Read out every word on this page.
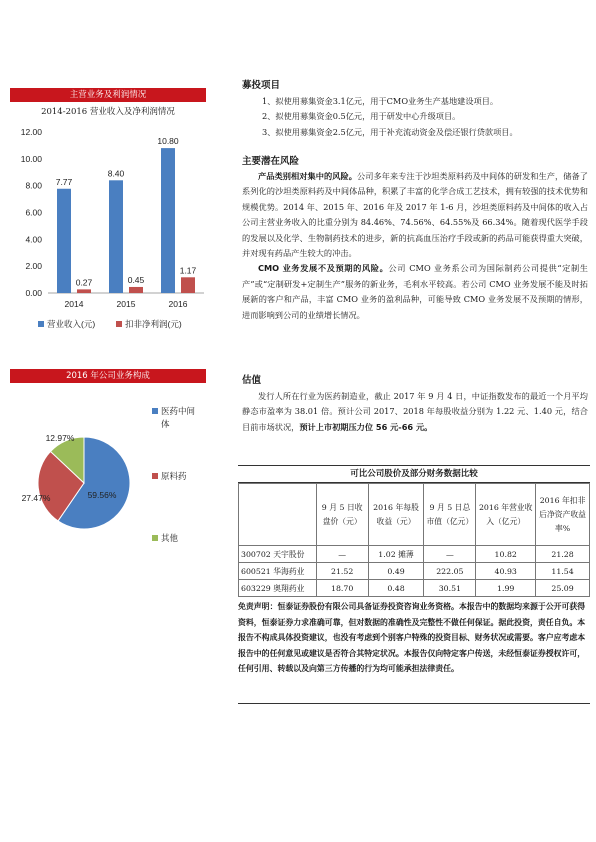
主营业务及利润情况
2014-2016 营业收入及净利润情况
0.00
2.00
4.00
6.00
8.00
10.00
12.00
7.77
0.27
2014
8.40
0.45
2015
10.80
1.17
2016
营业收入(元)	扣非净利润(元)
2016 年公司业务构成
59.56%
27.47%
12.97%
医药中间
体
原料药
其他
募投项目
1、拟使用募集资金3.1亿元，用于CMO业务生产基地建设项目。
2、拟使用募集资金0.5亿元，用于研发中心升级项目。
3、拟使用募集资金2.5亿元，用于补充流动资金及偿还银行贷款项目。
主要潜在风险

产品类别相对集中的风险。公司多年来专注于沙坦类原料药及中间体的研发和生产，储备了系列化的沙坦类原料药及中间体品种，积累了丰富的化学合成工艺技术，拥有较强的技术优势和规模优势。2014 年、2015 年、2016 年及 2017 年 1-6 月，沙坦类原料药及中间体的收入占公司主营业务收入的比重分别为 84.46%、74.56%、64.55%及 66.34%。随着现代医学手段的发展以及化学、生物制药技术的进步，新的抗高血压治疗手段或新的药品可能获得重大突破，并对现有药品产生较大的冲击。

CMO 业务发展不及预期的风险。公司 CMO 业务系公司为国际制药公司提供“定制生产”或“定制研发+定制生产”服务的新业务，毛利水平较高。若公司 CMO 业务发展不能及时拓展新的客户和产品，丰富 CMO 业务的盈利品种，可能导致 CMO 业务发展不及预期的情形，进而影响到公司的业绩增长情况。

估值

发行人所在行业为医药制造业，截止 2017 年 9 月 4 日，中证指数发布的最近一个月平均静态市盈率为 38.01 倍。预计公司 2017、2018 年每股收益分别为 1.22 元、1.40 元，结合目前市场状况，预计上市初期压力位 56 元-66 元。

可比公司股价及部分财务数据比较
	9 月 5 日收盘价（元）	2016 年每股收益（元）	9 月 5 日总市值（亿元）	2016 年营业收入（亿元）	2016 年扣非后净资产收益率%
300702 天宇股份	—	1.02 摊薄	—	10.82	21.28
600521 华海药业	21.52	0.49	222.05	40.93	11.54
603229 奥翔药业	18.70	0.48	30.51	1.99	25.09

免责声明：恒泰证券股份有限公司具备证券投资咨询业务资格。本报告中的数据均来源于公开可获得资料，恒泰证券力求准确可靠，但对数据的准确性及完整性不做任何保证。据此投资，责任自负。本报告不构成具体投资建议，也没有考虑到个别客户特殊的投资目标、财务状况或需要。客户应考虑本报告中的任何意见或建议是否符合其特定状况。本报告仅向特定客户传送，未经恒泰证券授权许可，任何引用、转载以及向第三方传播的行为均可能承担法律责任。
